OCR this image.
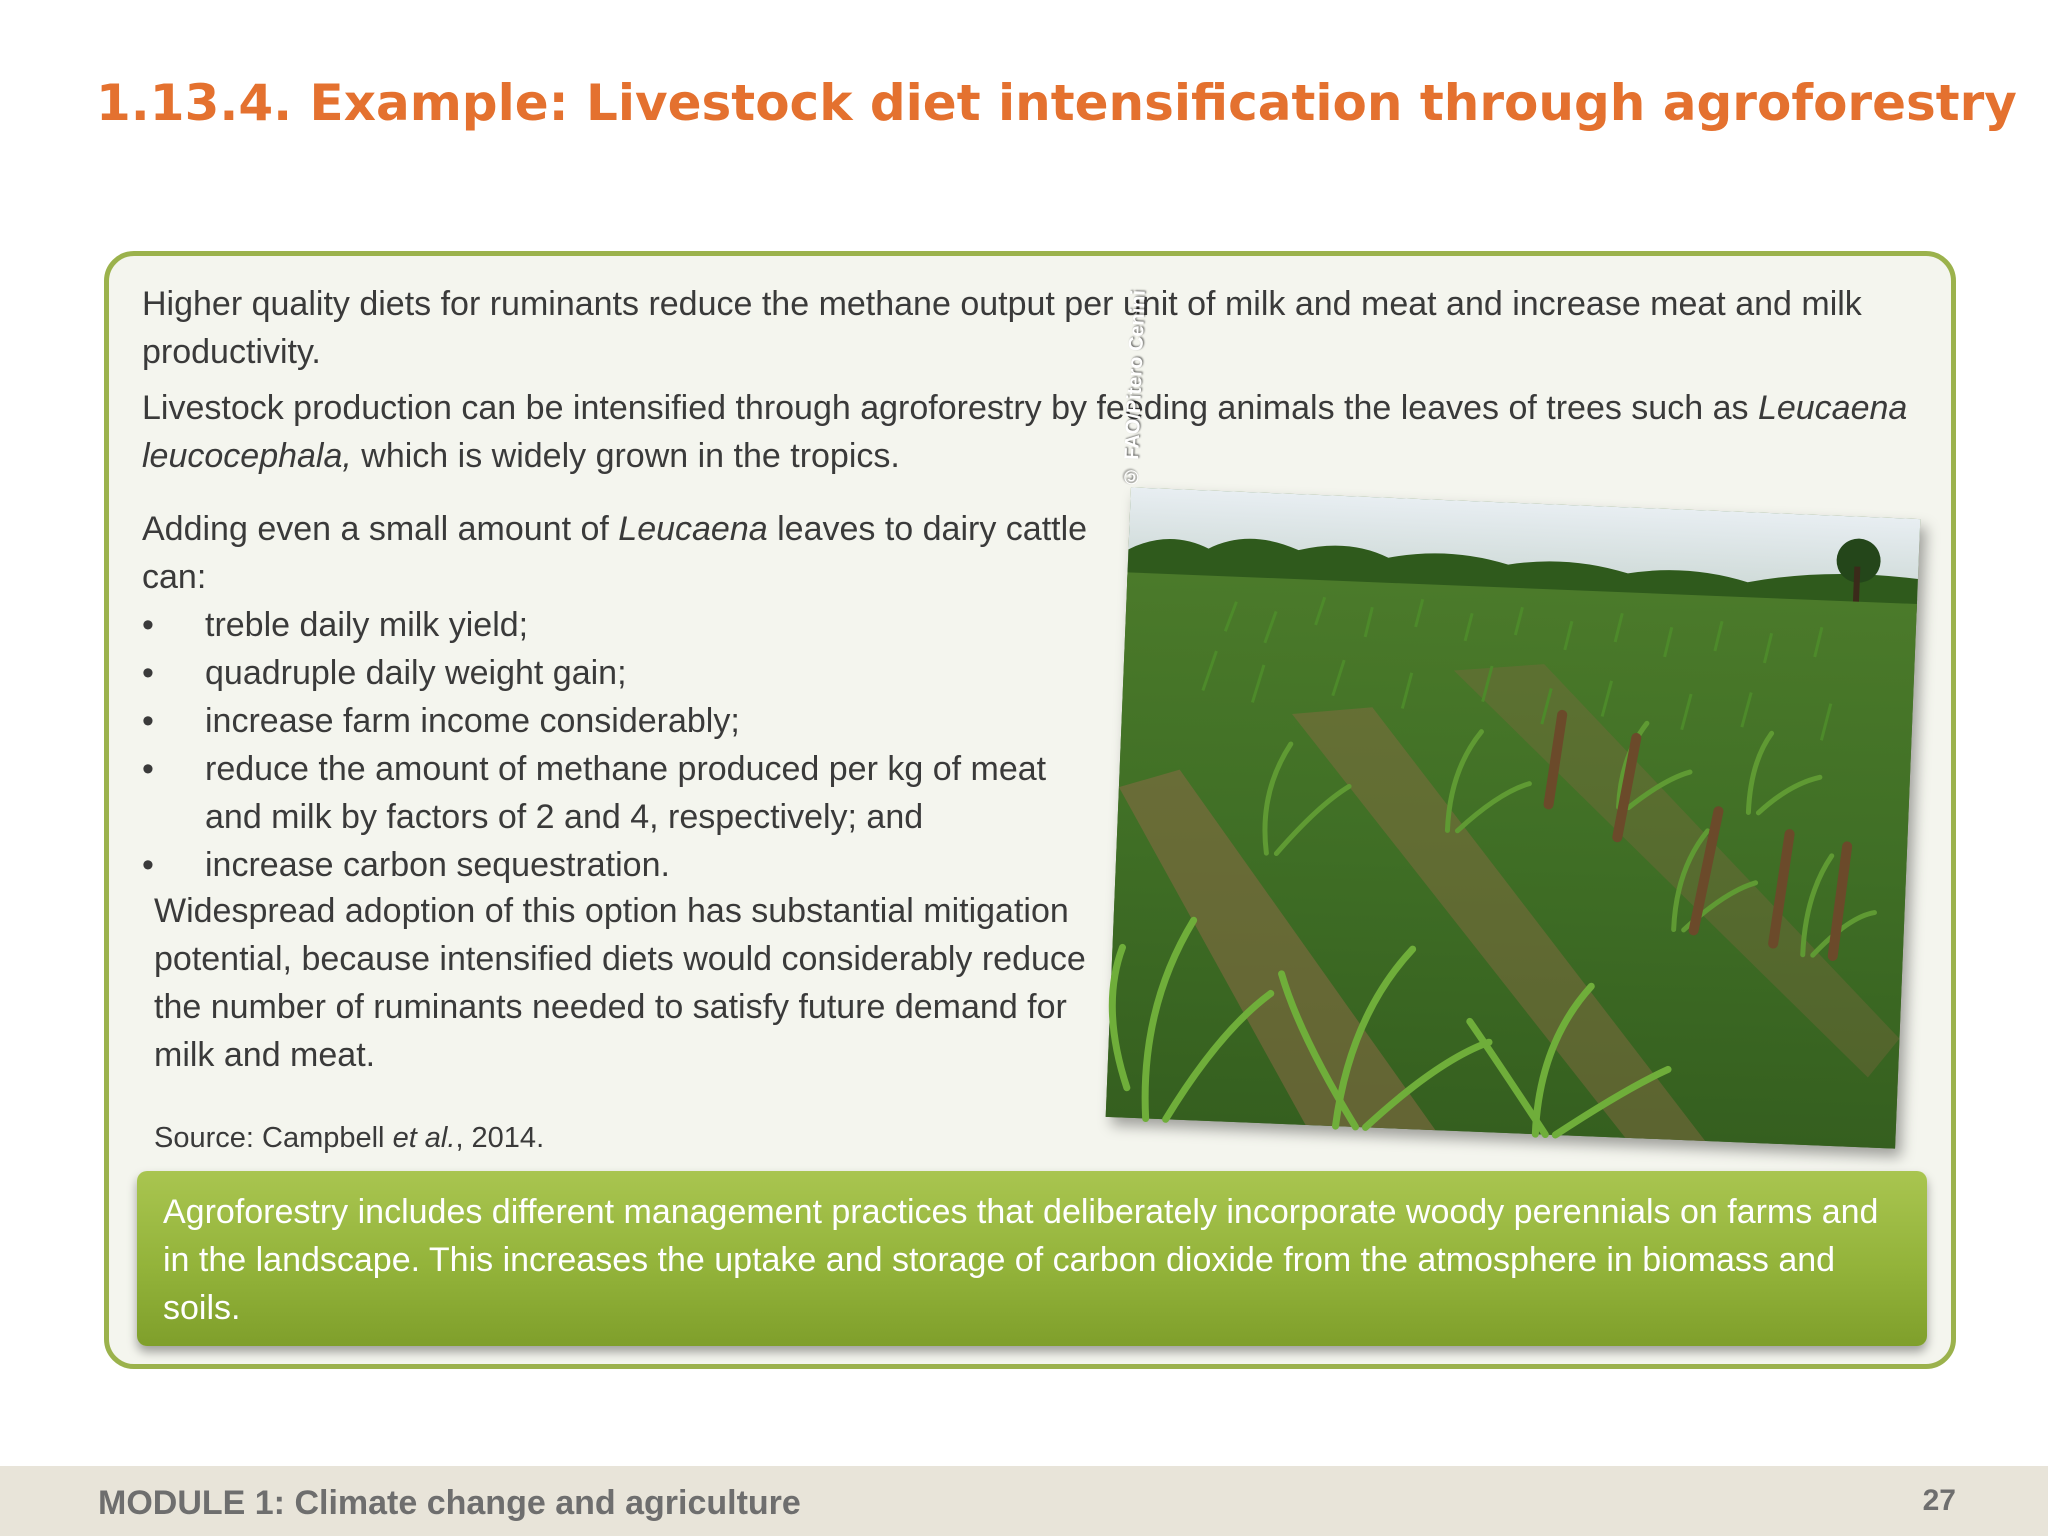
1.13.4. Example: Livestock diet intensification through agroforestry

Higher quality diets for ruminants reduce the methane output per unit of milk and meat and increase meat and milk productivity.

Livestock production can be intensified through agroforestry by feeding animals the leaves of trees such as Leucaena leucocephala, which is widely grown in the tropics.

Adding even a small amount of Leucaena leaves to dairy cattle can:

• treble daily milk yield;
• quadruple daily weight gain;
• increase farm income considerably;
• reduce the amount of methane produced per kg of meat and milk by factors of 2 and 4, respectively; and
• increase carbon sequestration.

Widespread adoption of this option has substantial mitigation potential, because intensified diets would considerably reduce the number of ruminants needed to satisfy future demand for milk and meat.

Source: Campbell et al., 2014.

© FAO/Pitero Cenini
Agroforestry includes different management practices that deliberately incorporate woody perennials on farms and in the landscape. This increases the uptake and storage of carbon dioxide from the atmosphere in biomass and soils.

MODULE 1: Climate change and agriculture	27
